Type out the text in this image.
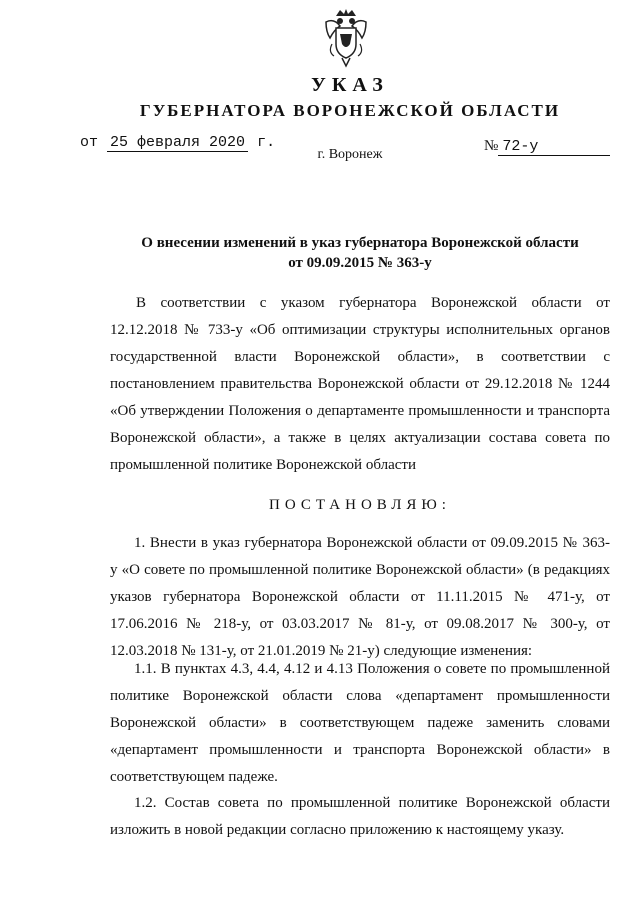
УКАЗ
ГУБЕРНАТОРА ВОРОНЕЖСКОЙ ОБЛАСТИ
от 25 февраля 2020 г.	№ 72-у
г. Воронеж
О внесении изменений в указ губернатора Воронежской области
от 09.09.2015 № 363-у
В соответствии с указом губернатора Воронежской области от
12.12.2018 № 733-у «Об оптимизации структуры исполнительных органов
государственной власти Воронежской области», в соответствии с
постановлением правительства Воронежской области от 29.12.2018 № 1244
«Об утверждении Положения о департаменте промышленности и транспорта
Воронежской области», а также в целях актуализации состава совета по
промышленной политике Воронежской области
ПОСТАНОВЛЯЮ:
1. Внести в указ губернатора Воронежской области от 09.09.2015 № 363-
у «О совете по промышленной политике Воронежской области» (в редакциях
указов губернатора Воронежской области от 11.11.2015 № 471-у, от
17.06.2016 № 218-у, от 03.03.2017 № 81-у, от 09.08.2017 № 300-у, от
12.03.2018 № 131-у, от 21.01.2019 № 21-у) следующие изменения:
1.1. В пунктах 4.3, 4.4, 4.12 и 4.13 Положения о совете по промышленной
политике Воронежской области слова «департамент промышленности
Воронежской области» в соответствующем падеже заменить словами
«департамент промышленности и транспорта Воронежской области» в
соответствующем падеже.
1.2. Состав совета по промышленной политике Воронежской области
изложить в новой редакции согласно приложению к настоящему указу.
